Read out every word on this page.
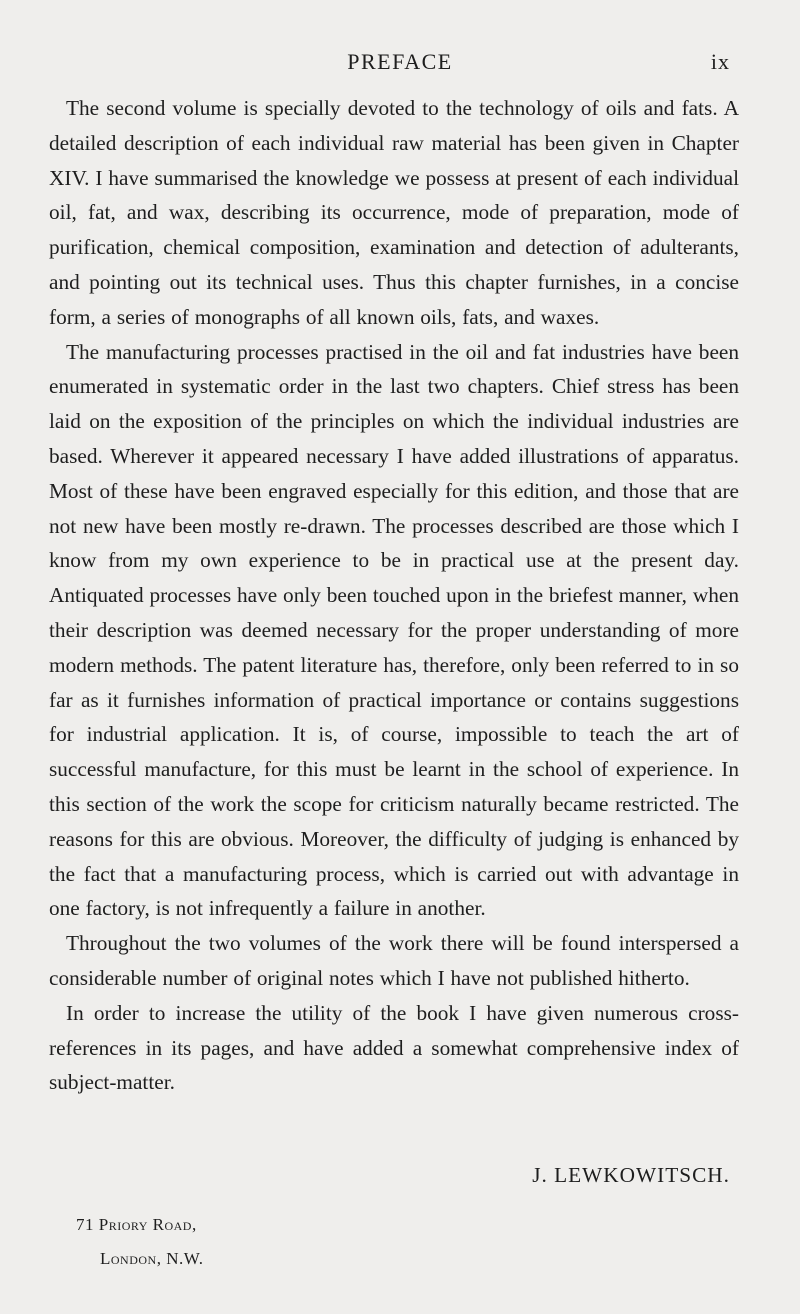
PREFACE	ix

The second volume is specially devoted to the technology of oils and fats. A detailed description of each individual raw material has been given in Chapter XIV. I have summarised the knowledge we possess at present of each individual oil, fat, and wax, describing its occurrence, mode of preparation, mode of purification, chemical composition, examination and detection of adulterants, and pointing out its technical uses. Thus this chapter furnishes, in a concise form, a series of monographs of all known oils, fats, and waxes.

The manufacturing processes practised in the oil and fat industries have been enumerated in systematic order in the last two chapters. Chief stress has been laid on the exposition of the principles on which the individual industries are based. Wherever it appeared necessary I have added illustrations of apparatus. Most of these have been engraved especially for this edition, and those that are not new have been mostly re-drawn. The processes described are those which I know from my own experience to be in practical use at the present day. Antiquated processes have only been touched upon in the briefest manner, when their description was deemed necessary for the proper understanding of more modern methods. The patent literature has, therefore, only been referred to in so far as it furnishes information of practical importance or contains suggestions for industrial application. It is, of course, impossible to teach the art of successful manufacture, for this must be learnt in the school of experience. In this section of the work the scope for criticism naturally became restricted. The reasons for this are obvious. Moreover, the difficulty of judging is enhanced by the fact that a manufacturing process, which is carried out with advantage in one factory, is not infrequently a failure in another.

Throughout the two volumes of the work there will be found interspersed a considerable number of original notes which I have not published hitherto.

In order to increase the utility of the book I have given numerous cross-references in its pages, and have added a somewhat comprehensive index of subject-matter.

J. LEWKOWITSCH.
71 Priory Road,
London, N.W.
